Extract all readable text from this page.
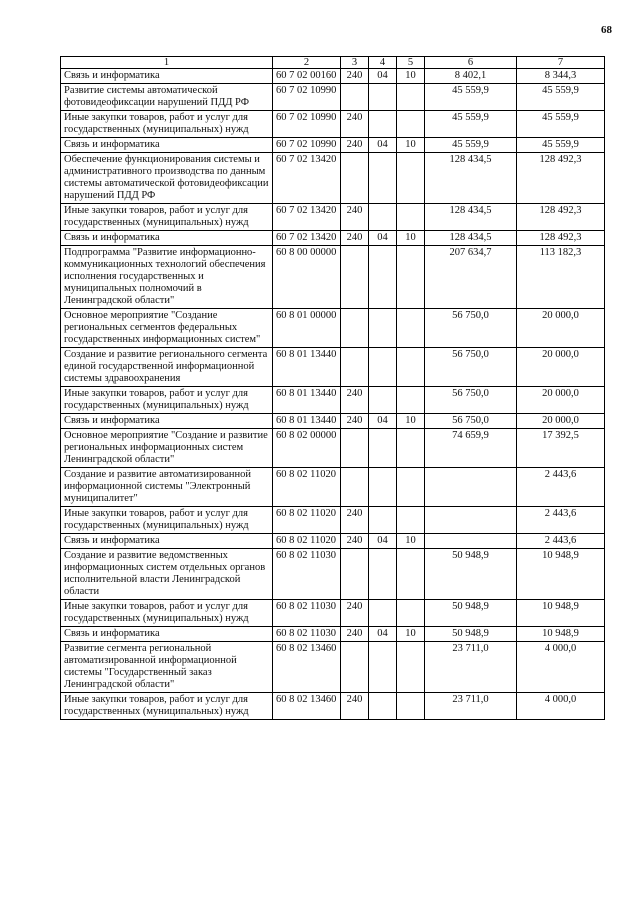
68
1	2	3	4	5	6	7
Связь и информатика	60 7 02 00160	240	04	10	8 402,1	8 344,3
Развитие системы автоматической фотовидеофиксации нарушений ПДД РФ	60 7 02 10990				45 559,9	45 559,9
Иные закупки товаров, работ и услуг для государственных (муниципальных) нужд	60 7 02 10990	240			45 559,9	45 559,9
Связь и информатика	60 7 02 10990	240	04	10	45 559,9	45 559,9
Обеспечение функционирования системы и административного производства по данным системы автоматической фотовидеофиксации нарушений ПДД РФ	60 7 02 13420				128 434,5	128 492,3
Иные закупки товаров, работ и услуг для государственных (муниципальных) нужд	60 7 02 13420	240			128 434,5	128 492,3
Связь и информатика	60 7 02 13420	240	04	10	128 434,5	128 492,3
Подпрограмма "Развитие информационно-коммуникационных технологий обеспечения исполнения государственных и муниципальных полномочий в Ленинградской области"	60 8 00 00000				207 634,7	113 182,3
Основное мероприятие "Создание региональных сегментов федеральных государственных информационных систем"	60 8 01 00000				56 750,0	20 000,0
Создание и развитие регионального сегмента единой государственной информационной системы здравоохранения	60 8 01 13440				56 750,0	20 000,0
Иные закупки товаров, работ и услуг для государственных (муниципальных) нужд	60 8 01 13440	240			56 750,0	20 000,0
Связь и информатика	60 8 01 13440	240	04	10	56 750,0	20 000,0
Основное мероприятие "Создание и развитие региональных информационных систем Ленинградской области"	60 8 02 00000				74 659,9	17 392,5
Создание и развитие автоматизированной информационной системы "Электронный муниципалитет"	60 8 02 11020					2 443,6
Иные закупки товаров, работ и услуг для государственных (муниципальных) нужд	60 8 02 11020	240				2 443,6
Связь и информатика	60 8 02 11020	240	04	10		2 443,6
Создание и развитие ведомственных информационных систем отдельных органов исполнительной власти Ленинградской области	60 8 02 11030				50 948,9	10 948,9
Иные закупки товаров, работ и услуг для государственных (муниципальных) нужд	60 8 02 11030	240			50 948,9	10 948,9
Связь и информатика	60 8 02 11030	240	04	10	50 948,9	10 948,9
Развитие сегмента региональной автоматизированной информационной системы "Государственный заказ Ленинградской области"	60 8 02 13460				23 711,0	4 000,0
Иные закупки товаров, работ и услуг для государственных (муниципальных) нужд	60 8 02 13460	240			23 711,0	4 000,0
